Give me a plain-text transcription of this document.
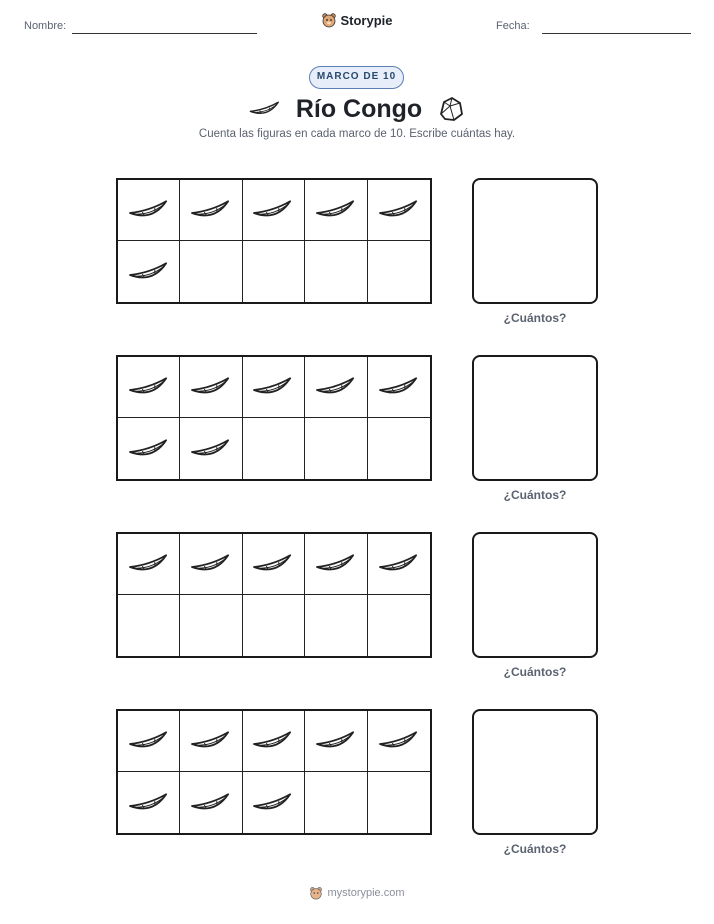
Nombre:	Fecha:
Storypie
MARCO DE 10
Río Congo
Cuenta las figuras en cada marco de 10. Escribe cuántas hay.
¿Cuántos?
¿Cuántos?
¿Cuántos?
¿Cuántos?
mystorypie.com
